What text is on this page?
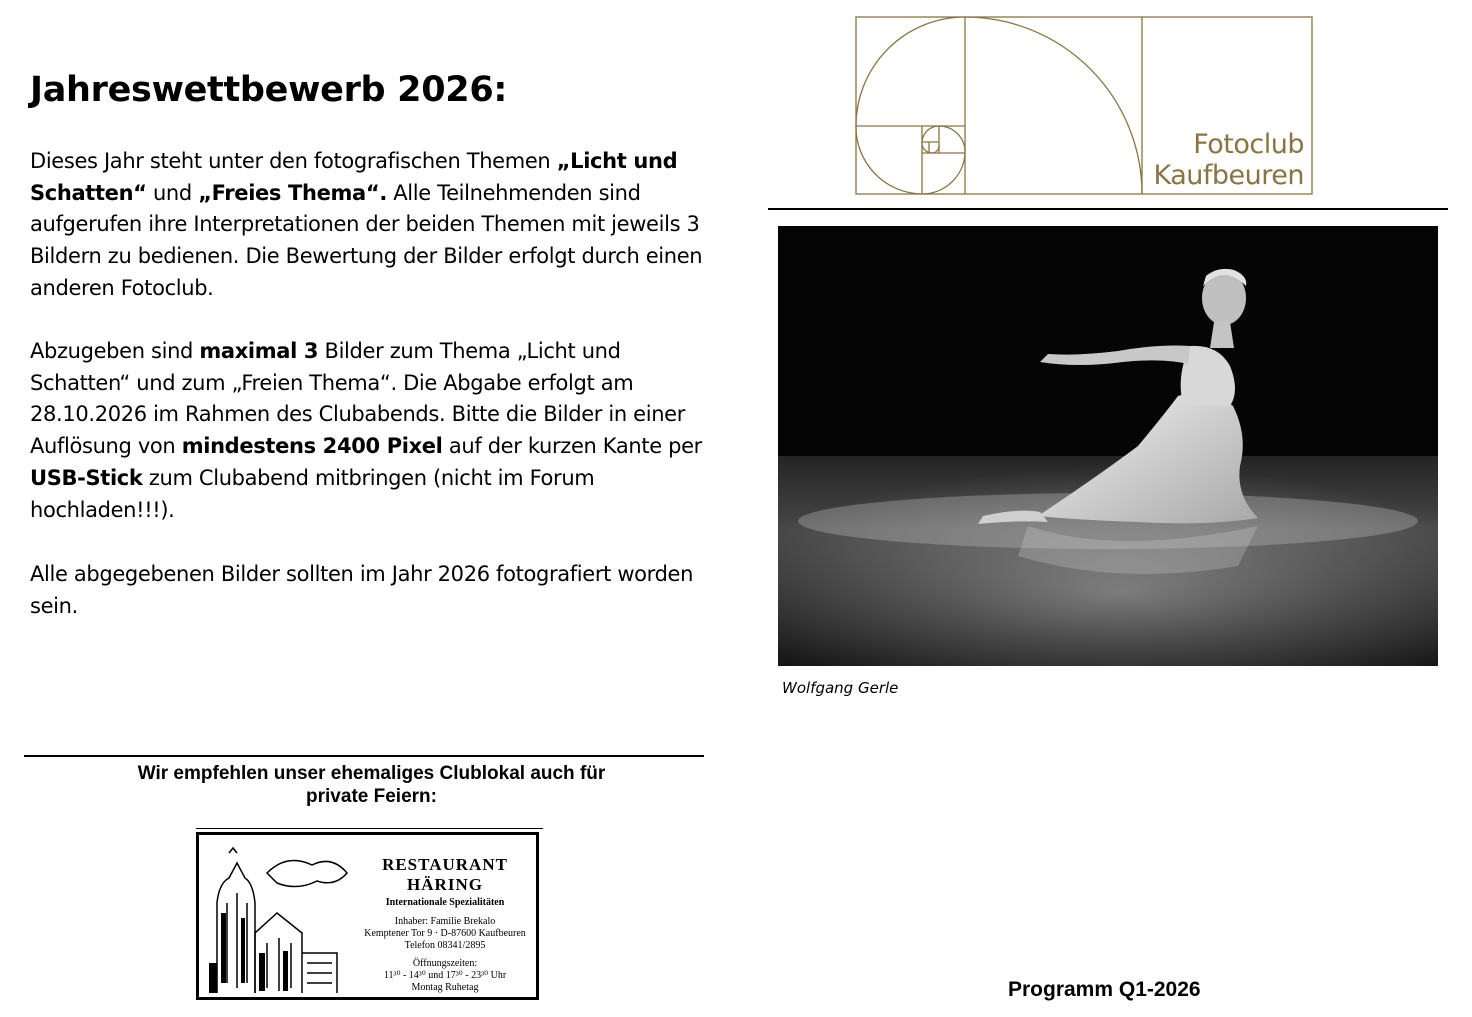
Jahreswettbewerb 2026:
Dieses Jahr steht unter den fotografischen Themen „Licht und Schatten“ und „Freies Thema“. Alle Teilnehmenden sind aufgerufen ihre Interpretationen der beiden Themen mit jeweils 3 Bildern zu bedienen. Die Bewertung der Bilder erfolgt durch einen anderen Fotoclub.
Abzugeben sind maximal 3 Bilder zum Thema „Licht und Schatten“ und zum „Freien Thema“. Die Abgabe erfolgt am 28.10.2026 im Rahmen des Clubabends. Bitte die Bilder in einer Auflösung von mindestens 2400 Pixel auf der kurzen Kante per USB-Stick zum Clubabend mitbringen (nicht im Forum hochladen!!!).
Alle abgegebenen Bilder sollten im Jahr 2026 fotografiert worden sein.
Fotoclub
Kaufbeuren
Wolfgang Gerle
Wir empfehlen unser ehemaliges Clublokal auch für
private Feiern:
RESTAURANT
HÄRING
Internationale Spezialitäten
Inhaber: Familie Brekalo
Kemptener Tor 9 · D-87600 Kaufbeuren
Telefon 08341/2895
Öffnungszeiten:
11³⁰ - 14³⁰ und 17³⁰ - 23³⁰ Uhr
Montag Ruhetag	Programm Q1-2026
